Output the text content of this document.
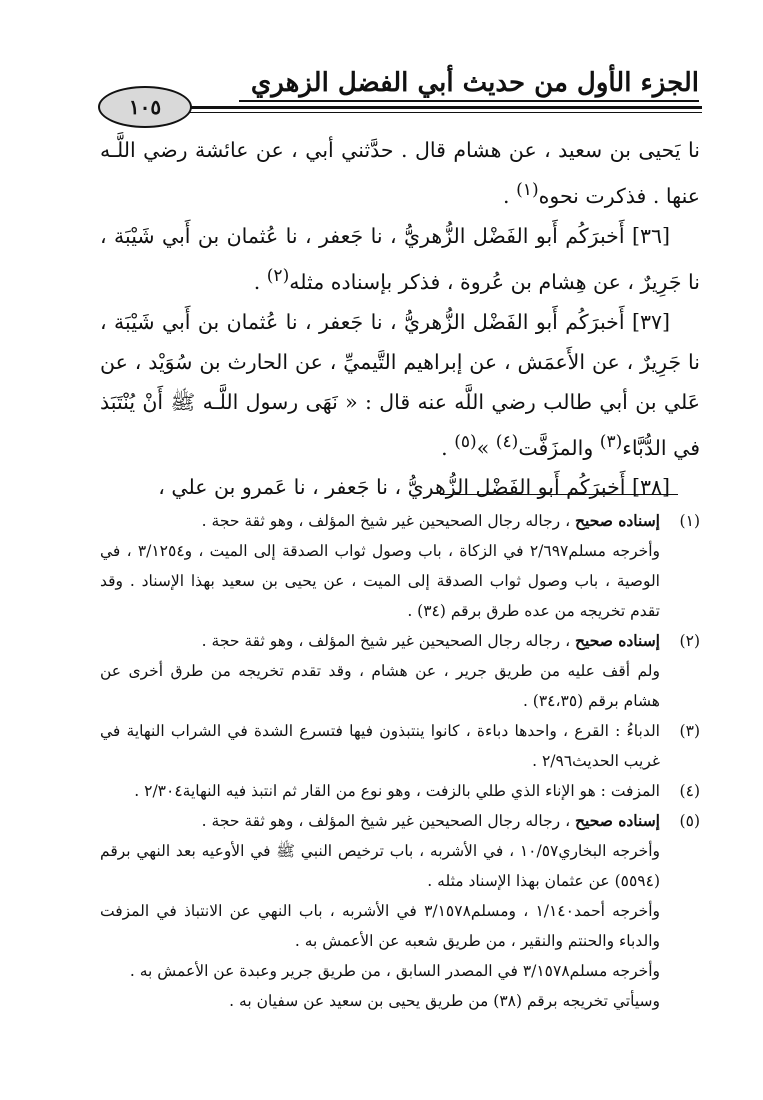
الجزء الأول من حديث أبي الفضل الزهري
١٠٥

نا يَحيى بن سعيد ، عن هشام قال . حدَّثني أبي ، عن عائشة رضي اللَّـه عنها . فذكرت نحوه$^{(١)}$ .

[٣٦] أَخبرَكُم أَبو الفَضْل الزُّهريُّ ، نا جَعفر ، نا عُثمان بن أَبي شَيْبَة ، نا جَرِيرٌ ، عن هِشام بن عُروة ، فذكر بإسناده مثله$^{(٢)}$ .

[٣٧] أَخبرَكُم أَبو الفَضْل الزُّهريُّ ، نا جَعفر ، نا عُثمان بن أَبي شَيْبَة ، نا جَرِيرٌ ، عن الأَعمَش ، عن إبراهيم التَّيميِّ ، عن الحارث بن سُوَيْد ، عن عَلي بن أبي طالب رضي اللَّه عنه قال : « نَهَى رسول اللَّـه ﷺ أَنْ يُنْتَبَذ في الدُّبَّاء$^{(٣)}$ والمزَفَّت$^{(٤)}$ »$^{(٥)}$ .

[٣٨] أَخبرَكُم أَبو الفَضْل الزُّهريُّ ، نا جَعفر ، نا عَمرو بن علي ،

(١)

إسناده صحيح ، رجاله رجال الصحيحين غير شيخ المؤلف ، وهو ثقة حجة .

وأخرجه مسلم٢/٦٩٧ في الزكاة ، باب وصول ثواب الصدقة إلى الميت ، و٣/١٢٥٤ ، في الوصية ، باب وصول ثواب الصدقة إلى الميت ، عن يحيى بن سعيد بهذا الإسناد . وقد تقدم تخريجه من عده طرق برقم (٣٤) .

(٢)

إسناده صحيح ، رجاله رجال الصحيحين غير شيخ المؤلف ، وهو ثقة حجة .

ولم أقف عليه من طريق جرير ، عن هشام ، وقد تقدم تخريجه من طرق أخرى عن هشام برقم (٣٤،٣٥) .

(٣)

الدباءُ : القرع ، واحدها دباءة ، كانوا ينتبذون فيها فتسرع الشدة في الشراب النهاية في غريب الحديث٢/٩٦ .

(٤)

المزفت : هو الإناء الذي طلي بالزفت ، وهو نوع من القار ثم انتبذ فيه النهاية٢/٣٠٤ .

(٥)

إسناده صحيح ، رجاله رجال الصحيحين غير شيخ المؤلف ، وهو ثقة حجة .

وأخرجه البخاري١٠/٥٧ ، في الأشربه ، باب ترخيص النبي ﷺ في الأوعيه بعد النهي برقم (٥٥٩٤) عن عثمان بهذا الإسناد مثله .

وأخرجه أحمد١/١٤٠ ، ومسلم٣/١٥٧٨ في الأشربه ، باب النهي عن الانتباذ في المزفت والدباء والحنتم والنقير ، من طريق شعبه عن الأعمش به .

وأخرجه مسلم٣/١٥٧٨ في المصدر السابق ، من طريق جرير وعبدة عن الأعمش به .

وسيأتي تخريجه برقم (٣٨) من طريق يحيى بن سعيد عن سفيان به .
